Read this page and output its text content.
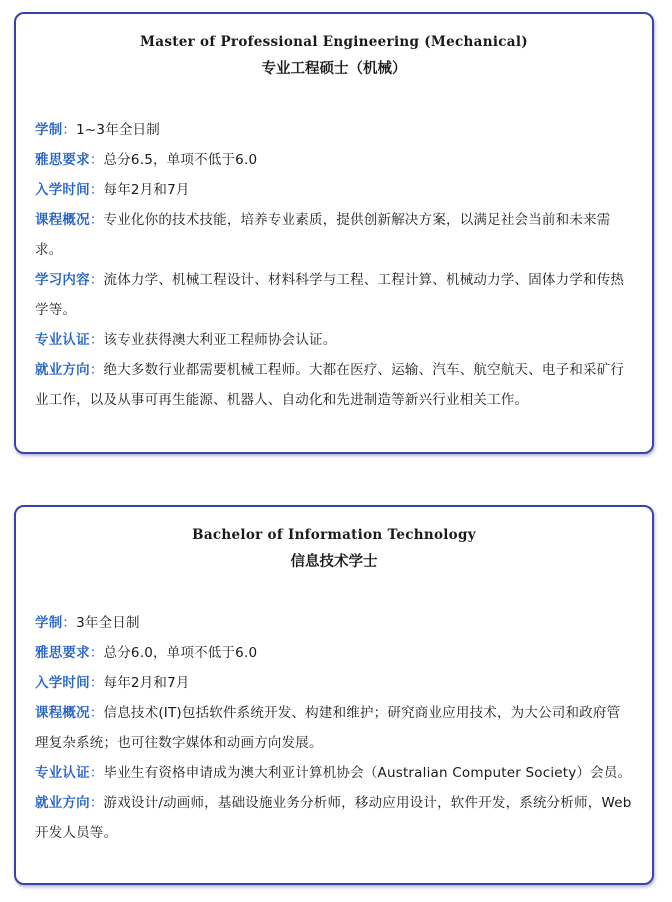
Master of Professional Engineering (Mechanical)

专业工程硕士（机械）

学制：1~3年全日制

雅思要求：总分6.5，单项不低于6.0

入学时间：每年2月和7月

课程概况：专业化你的技术技能，培养专业素质，提供创新解决方案，以满足社会当前和未来需求。

学习内容：流体力学、机械工程设计、材料科学与工程、工程计算、机械动力学、固体力学和传热学等。

专业认证：该专业获得澳大利亚工程师协会认证。

就业方向：绝大多数行业都需要机械工程师。大都在医疗、运输、汽车、航空航天、电子和采矿行业工作，以及从事可再生能源、机器人、自动化和先进制造等新兴行业相关工作。

Bachelor of Information Technology

信息技术学士

学制：3年全日制

雅思要求：总分6.0，单项不低于6.0

入学时间：每年2月和7月

课程概况：信息技术(IT)包括软件系统开发、构建和维护；研究商业应用技术，为大公司和政府管理复杂系统；也可往数字媒体和动画方向发展。

专业认证：毕业生有资格申请成为澳大利亚计算机协会（Australian Computer Society）会员。

就业方向：游戏设计/动画师，基础设施业务分析师，移动应用设计，软件开发，系统分析师，Web开发人员等。
